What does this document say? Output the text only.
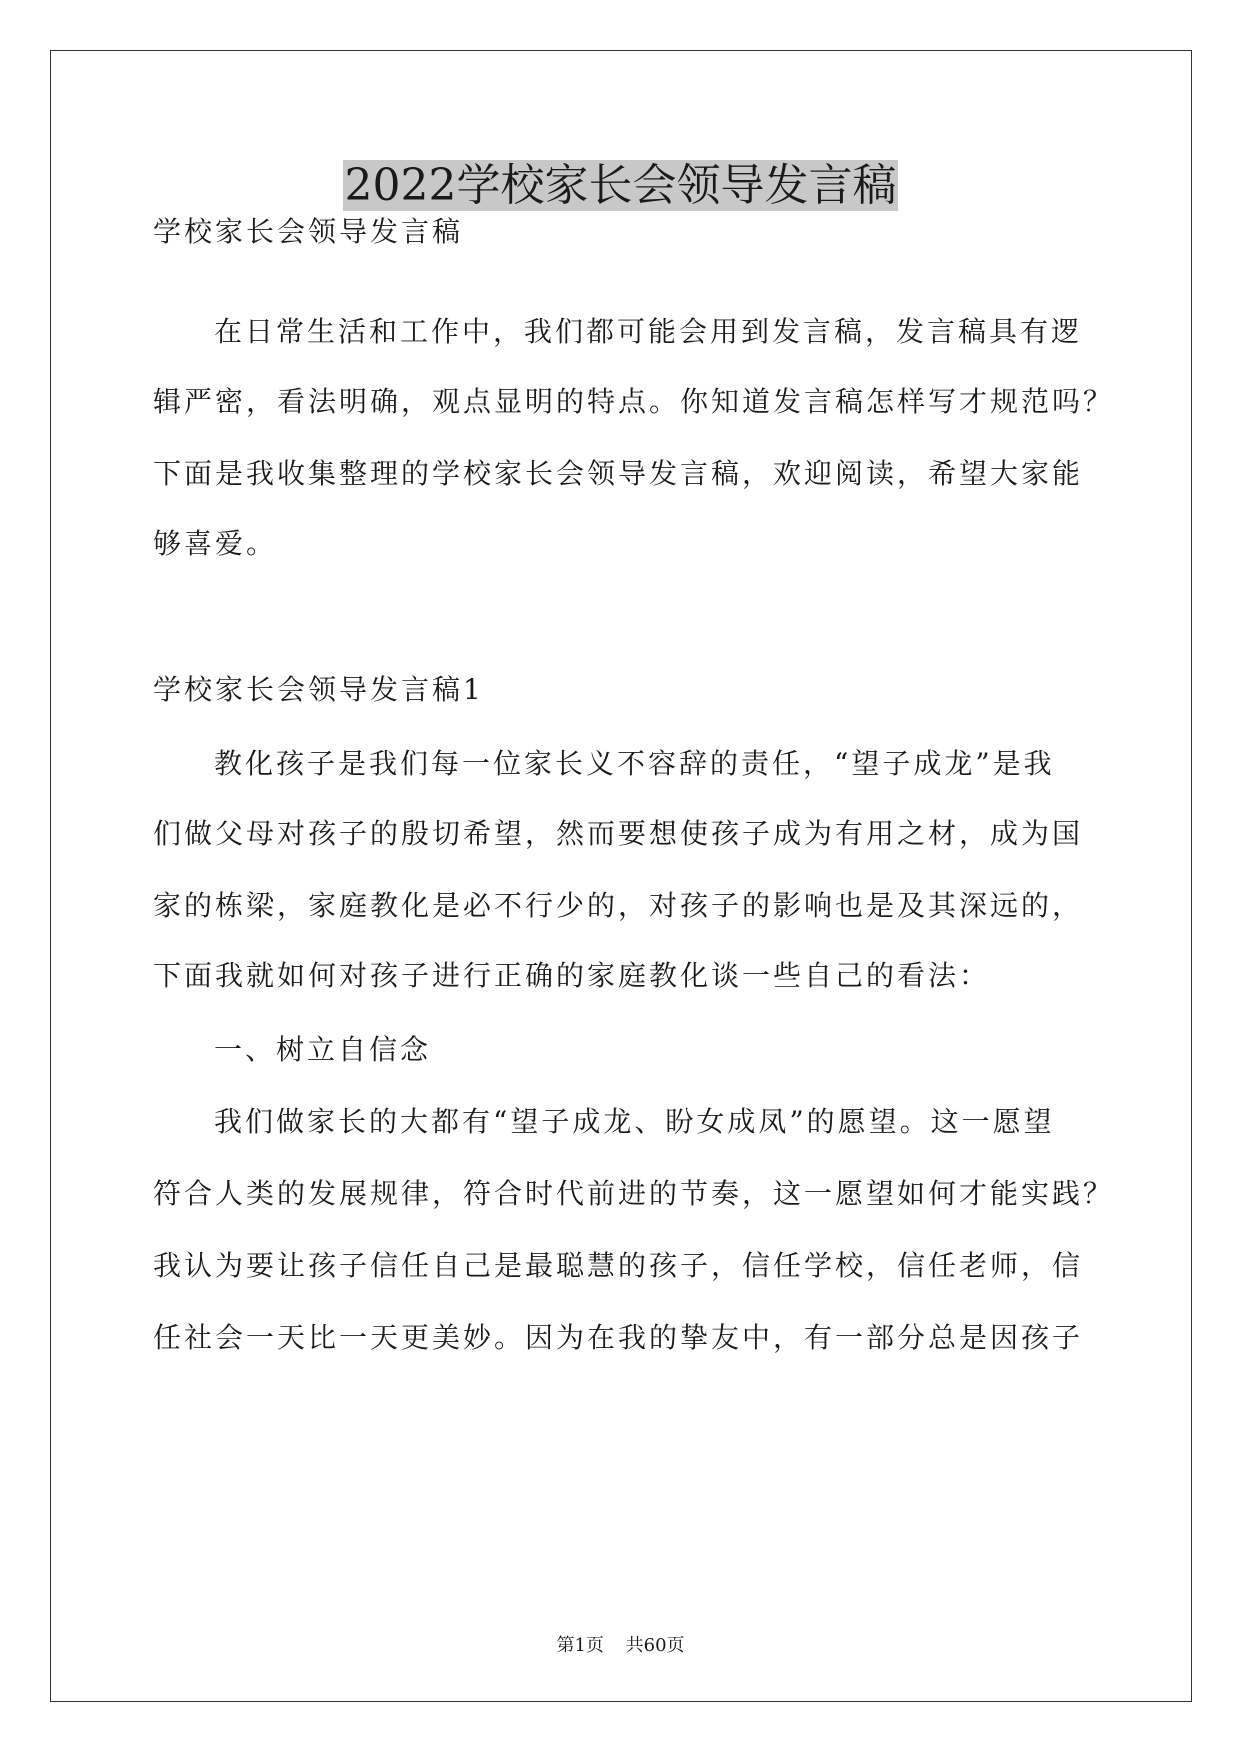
2022学校家长会领导发言稿
学校家长会领导发言稿
在日常生活和工作中，我们都可能会用到发言稿，发言稿具有逻
辑严密，看法明确，观点显明的特点。你知道发言稿怎样写才规范吗？
下面是我收集整理的学校家长会领导发言稿，欢迎阅读，希望大家能
够喜爱。
学校家长会领导发言稿1
教化孩子是我们每一位家长义不容辞的责任，“望子成龙”是我
们做父母对孩子的殷切希望，然而要想使孩子成为有用之材，成为国
家的栋梁，家庭教化是必不行少的，对孩子的影响也是及其深远的，
下面我就如何对孩子进行正确的家庭教化谈一些自己的看法：
一、树立自信念
我们做家长的大都有“望子成龙、盼女成凤”的愿望。这一愿望
符合人类的发展规律，符合时代前进的节奏，这一愿望如何才能实践？
我认为要让孩子信任自己是最聪慧的孩子，信任学校，信任老师，信
任社会一天比一天更美妙。因为在我的挚友中，有一部分总是因孩子
第1页 共60页
